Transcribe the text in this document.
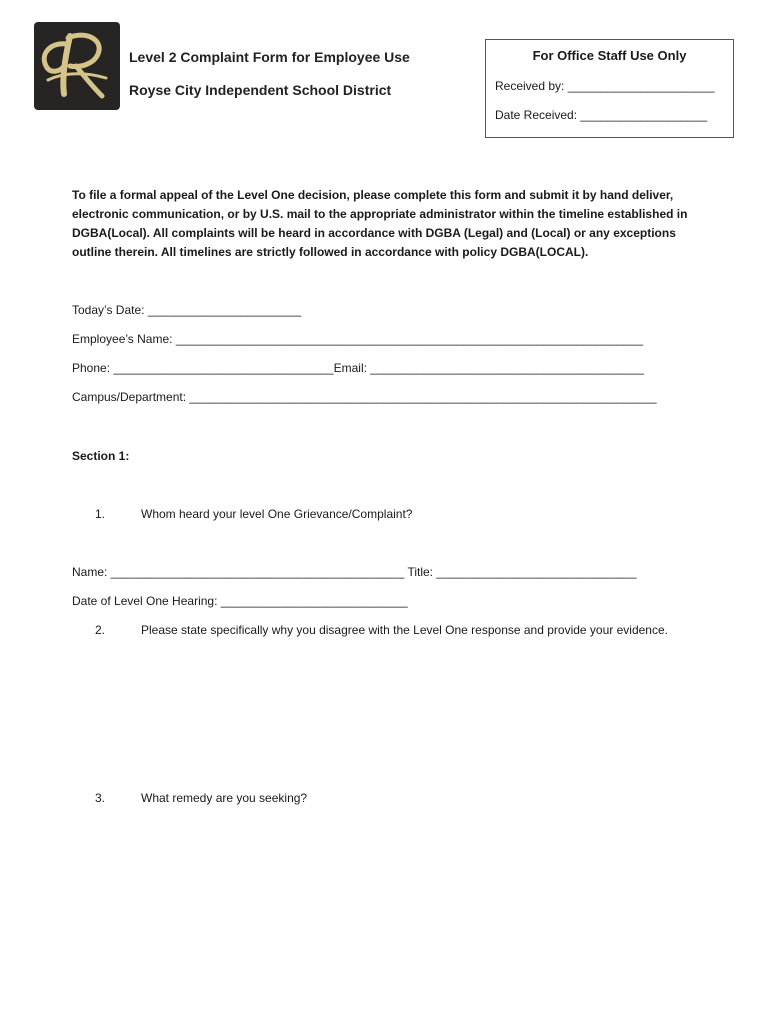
Level 2 Complaint Form for Employee Use
Royse City Independent School District
For Office Staff Use Only
Received by: ______________________
Date Received: ___________________

To file a formal appeal of the Level One decision, please complete this form and submit it by hand deliver, electronic communication, or by U.S. mail to the appropriate administrator within the timeline established in DGBA(Local). All complaints will be heard in accordance with DGBA (Legal) and (Local) or any exceptions outline therein. All timelines are strictly followed in accordance with policy DGBA(LOCAL).

Today’s Date: _______________________
Employee’s Name: ______________________________________________________________________
Phone: _________________________________Email: _________________________________________
Campus/Department: ______________________________________________________________________
Section 1:
1.	Whom heard your level One Grievance/Complaint?
Name: ____________________________________________ Title: ______________________________
Date of Level One Hearing: ____________________________
2.	Please state specifically why you disagree with the Level One response and provide your evidence.
3.	What remedy are you seeking?
